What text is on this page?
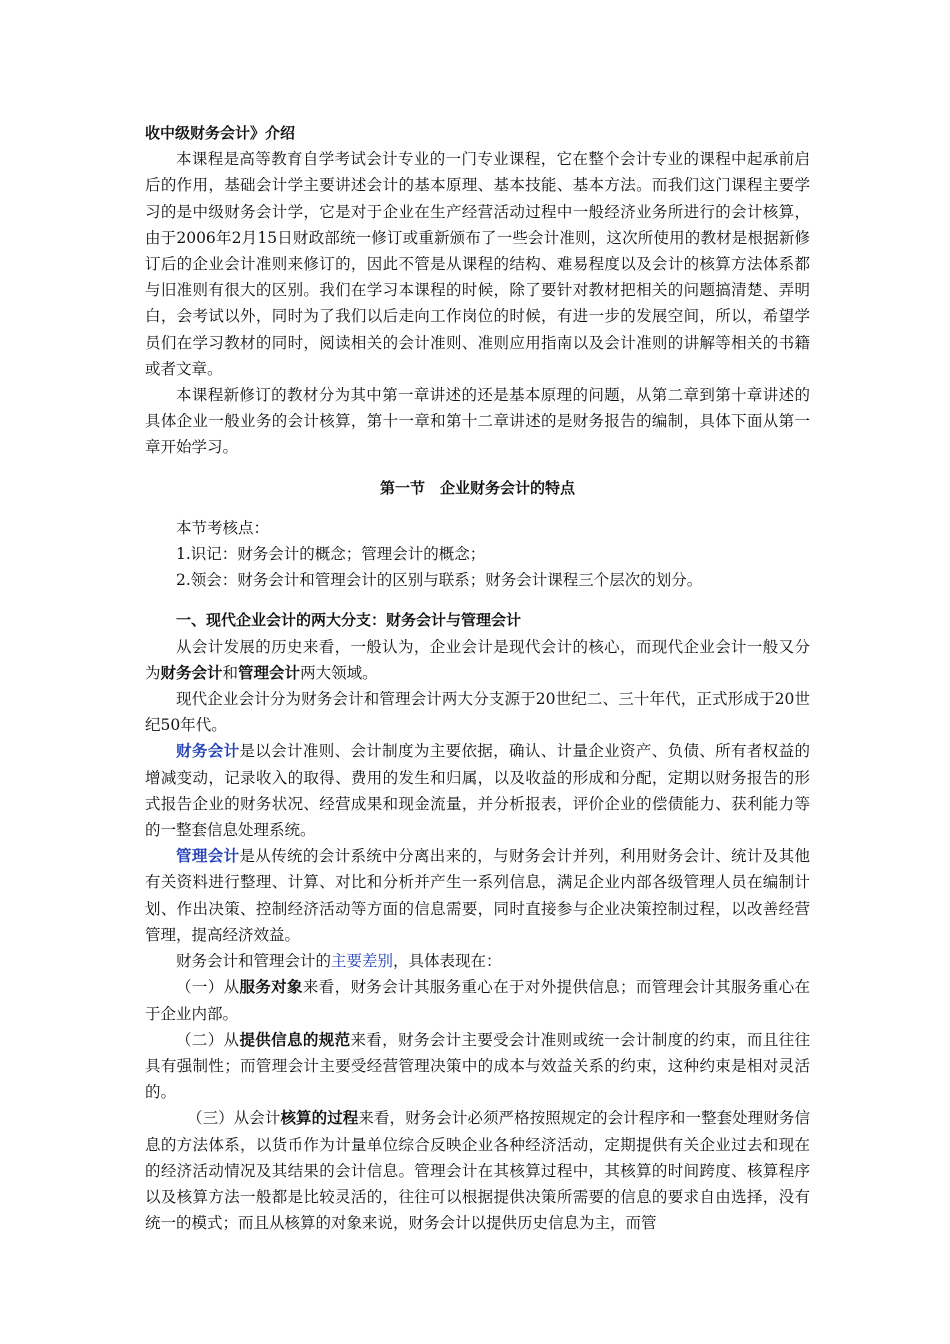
收中级财务会计》介绍

本课程是高等教育自学考试会计专业的一门专业课程，它在整个会计专业的课程中起承前启后的作用，基础会计学主要讲述会计的基本原理、基本技能、基本方法。而我们这门课程主要学习的是中级财务会计学，它是对于企业在生产经营活动过程中一般经济业务所进行的会计核算，由于2006年2月15日财政部统一修订或重新颁布了一些会计准则，这次所使用的教材是根据新修订后的企业会计准则来修订的，因此不管是从课程的结构、难易程度以及会计的核算方法体系都与旧准则有很大的区别。我们在学习本课程的时候，除了要针对教材把相关的问题搞清楚、弄明白，会考试以外，同时为了我们以后走向工作岗位的时候，有进一步的发展空间，所以，希望学员们在学习教材的同时，阅读相关的会计准则、准则应用指南以及会计准则的讲解等相关的书籍或者文章。

本课程新修订的教材分为其中第一章讲述的还是基本原理的问题，从第二章到第十章讲述的具体企业一般业务的会计核算，第十一章和第十二章讲述的是财务报告的编制，具体下面从第一章开始学习。

第一节　企业财务会计的特点

本节考核点：

1.识记：财务会计的概念；管理会计的概念；

2.领会：财务会计和管理会计的区别与联系；财务会计课程三个层次的划分。

一、现代企业会计的两大分支：财务会计与管理会计

从会计发展的历史来看，一般认为，企业会计是现代会计的核心，而现代企业会计一般又分为财务会计和管理会计两大领域。

现代企业会计分为财务会计和管理会计两大分支源于20世纪二、三十年代，正式形成于20世纪50年代。

财务会计是以会计准则、会计制度为主要依据，确认、计量企业资产、负债、所有者权益的增减变动，记录收入的取得、费用的发生和归属，以及收益的形成和分配，定期以财务报告的形式报告企业的财务状况、经营成果和现金流量，并分析报表，评价企业的偿债能力、获利能力等的一整套信息处理系统。

管理会计是从传统的会计系统中分离出来的，与财务会计并列，利用财务会计、统计及其他有关资料进行整理、计算、对比和分析并产生一系列信息，满足企业内部各级管理人员在编制计划、作出决策、控制经济活动等方面的信息需要，同时直接参与企业决策控制过程，以改善经营管理，提高经济效益。

财务会计和管理会计的主要差别，具体表现在：

（一）从服务对象来看，财务会计其服务重心在于对外提供信息；而管理会计其服务重心在于企业内部。

（二）从提供信息的规范来看，财务会计主要受会计准则或统一会计制度的约束，而且往往具有强制性；而管理会计主要受经营管理决策中的成本与效益关系的约束，这种约束是相对灵活的。

（三）从会计核算的过程来看，财务会计必须严格按照规定的会计程序和一整套处理财务信息的方法体系，以货币作为计量单位综合反映企业各种经济活动，定期提供有关企业过去和现在的经济活动情况及其结果的会计信息。管理会计在其核算过程中，其核算的时间跨度、核算程序以及核算方法一般都是比较灵活的，往往可以根据提供决策所需要的信息的要求自由选择，没有统一的模式；而且从核算的对象来说，财务会计以提供历史信息为主，而管
